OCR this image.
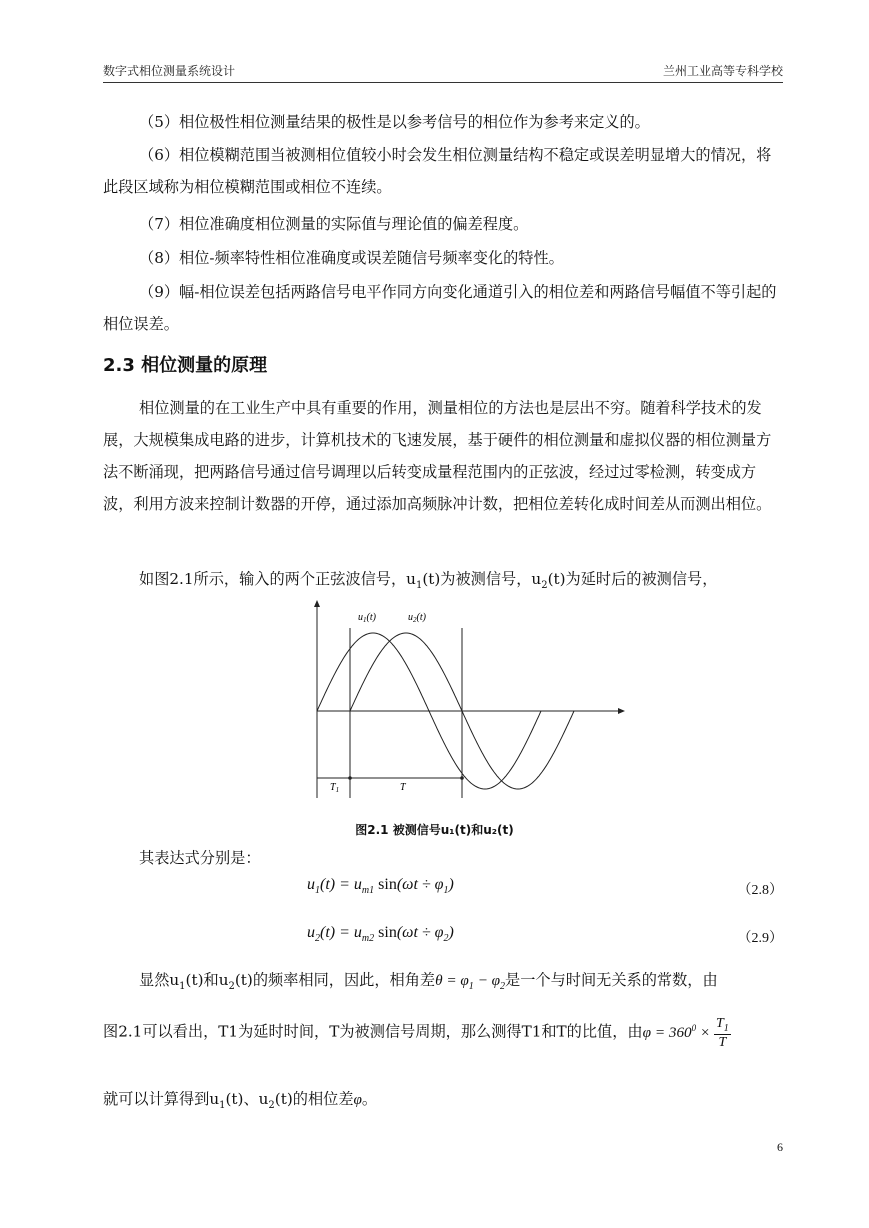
数字式相位测量系统设计	兰州工业高等专科学校
（5）相位极性相位测量结果的极性是以参考信号的相位作为参考来定义的。
（6）相位模糊范围当被测相位值较小时会发生相位测量结构不稳定或误差明显增大的情况，将此段区域称为相位模糊范围或相位不连续。
（7）相位准确度相位测量的实际值与理论值的偏差程度。
（8）相位-频率特性相位准确度或误差随信号频率变化的特性。
（9）幅-相位误差包括两路信号电平作同方向变化通道引入的相位差和两路信号幅值不等引起的相位误差。
2.3 相位测量的原理
相位测量的在工业生产中具有重要的作用，测量相位的方法也是层出不穷。随着科学技术的发展，大规模集成电路的进步，计算机技术的飞速发展，基于硬件的相位测量和虚拟仪器的相位测量方法不断涌现，把两路信号通过信号调理以后转变成量程范围内的正弦波，经过过零检测，转变成方波，利用方波来控制计数器的开停，通过添加高频脉冲计数，把相位差转化成时间差从而测出相位。
如图2.1所示，输入的两个正弦波信号，$u_1(t)$为被测信号，$u_2(t)$为延时后的被测信号，
$u_1(t)$	$u_2(t)$
$T_1$	T
图2.1 被测信号u₁(t)和u₂(t)
其表达式分别是：
$u_1(t) = u_{m1}$ $\sin(\omega t \div \varphi_1)$	（2.8）
$u_2(t) = u_{m2}$ $\sin(\omega t \div \varphi_2)$	（2.9）
显然$u_1(t)$和$u_2(t)$的频率相同，因此，相角差$\theta = \varphi_1 - \varphi_2$是一个与时间无关系的常数，由
图2.1可以看出，T1为延时时间，T为被测信号周期，那么测得T1和T的比值，由$\varphi = 360^0 \times \frac{T_1}{T}$
就可以计算得到$u_1(t)$、$u_2(t)$的相位差φ。
6
